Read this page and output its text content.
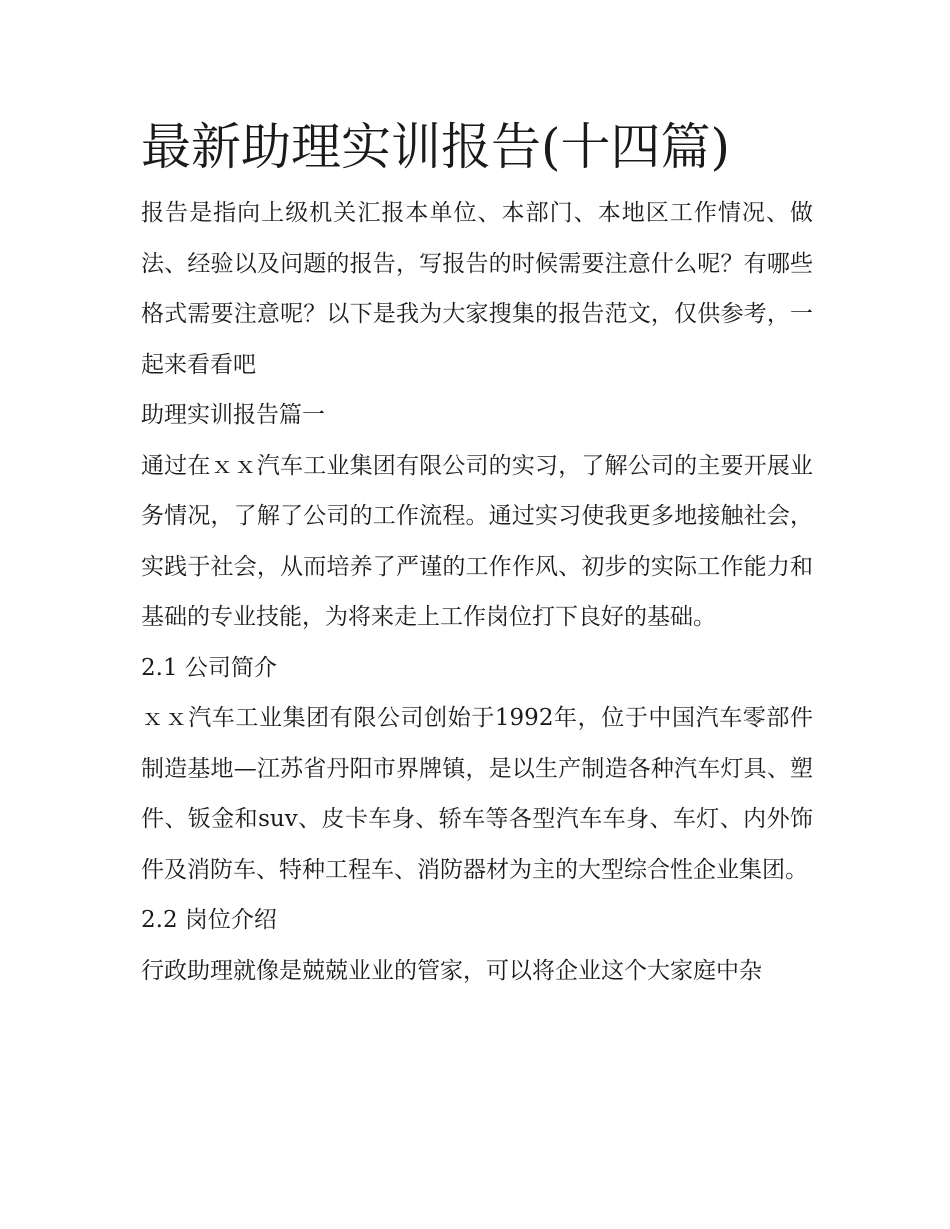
最新助理实训报告(十四篇)

报告是指向上级机关汇报本单位、本部门、本地区工作情况、做法、经验以及问题的报告，写报告的时候需要注意什么呢？有哪些格式需要注意呢？以下是我为大家搜集的报告范文，仅供参考，一起来看看吧

助理实训报告篇一

通过在ｘｘ汽车工业集团有限公司的实习，了解公司的主要开展业务情况，了解了公司的工作流程。通过实习使我更多地接触社会，实践于社会，从而培养了严谨的工作作风、初步的实际工作能力和基础的专业技能，为将来走上工作岗位打下良好的基础。

2.1 公司简介

ｘｘ汽车工业集团有限公司创始于1992年，位于中国汽车零部件制造基地—江苏省丹阳市界牌镇，是以生产制造各种汽车灯具、塑件、钣金和suv、皮卡车身、轿车等各型汽车车身、车灯、内外饰件及消防车、特种工程车、消防器材为主的大型综合性企业集团。

2.2 岗位介绍

行政助理就像是兢兢业业的管家，可以将企业这个大家庭中杂
